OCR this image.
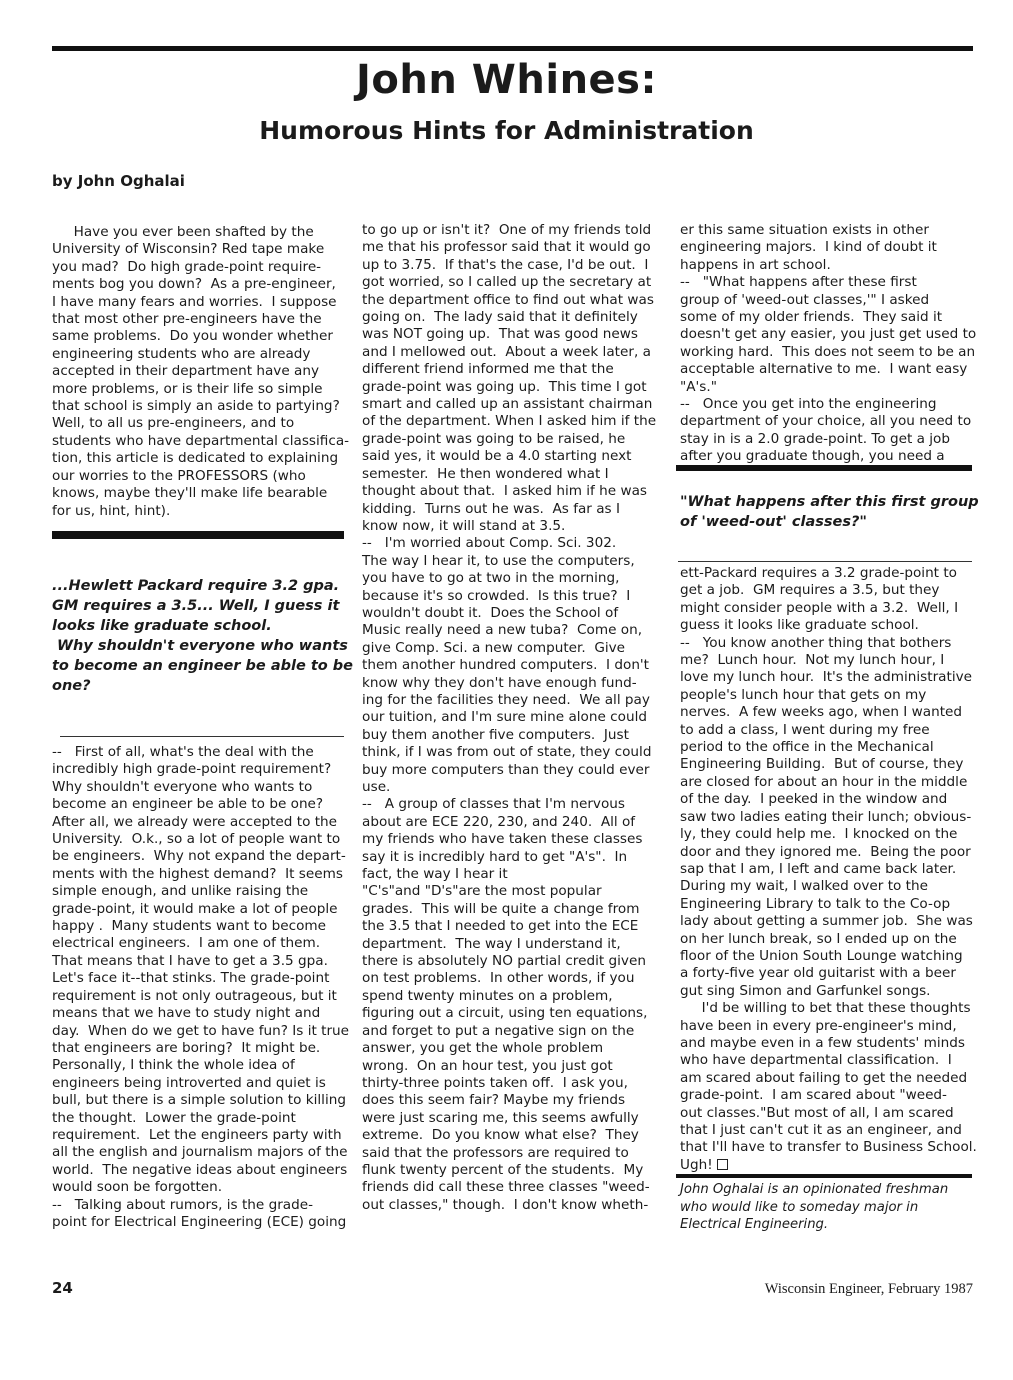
John Whines:
Humorous Hints for Administration
by John Oghalai

Have you ever been shafted by the

University of Wisconsin? Red tape make

you mad?  Do high grade-point require-

ments bog you down?  As a pre-engineer,

I have many fears and worries.  I suppose

that most other pre-engineers have the

same problems.  Do you wonder whether

engineering students who are already

accepted in their department have any

more problems, or is their life so simple

that school is simply an aside to partying?

Well, to all us pre-engineers, and to

students who have departmental classifica-

tion, this article is dedicated to explaining

our worries to the PROFESSORS (who

knows, maybe they'll make life bearable

for us, hint, hint).

...Hewlett Packard require 3.2 gpa.

GM requires a 3.5... Well, I guess it

looks like graduate school.

Why shouldn't everyone who wants

to become an engineer be able to be

one?

--   First of all, what's the deal with the

incredibly high grade-point requirement?

Why shouldn't everyone who wants to

become an engineer be able to be one?

After all, we already were accepted to the

University.  O.k., so a lot of people want to

be engineers.  Why not expand the depart-

ments with the highest demand?  It seems

simple enough, and unlike raising the

grade-point, it would make a lot of people

happy .  Many students want to become

electrical engineers.  I am one of them.

That means that I have to get a 3.5 gpa.

Let's face it--that stinks. The grade-point

requirement is not only outrageous, but it

means that we have to study night and

day.  When do we get to have fun? Is it true

that engineers are boring?  It might be.

Personally, I think the whole idea of

engineers being introverted and quiet is

bull, but there is a simple solution to killing

the thought.  Lower the grade-point

requirement.  Let the engineers party with

all the english and journalism majors of the

world.  The negative ideas about engineers

would soon be forgotten.

--   Talking about rumors, is the grade-

point for Electrical Engineering (ECE) going

to go up or isn't it?  One of my friends told

me that his professor said that it would go

up to 3.75.  If that's the case, I'd be out.  I

got worried, so I called up the secretary at

the department office to find out what was

going on.  The lady said that it definitely

was NOT going up.  That was good news

and I mellowed out.  About a week later, a

different friend informed me that the

grade-point was going up.  This time I got

smart and called up an assistant chairman

of the department. When I asked him if the

grade-point was going to be raised, he

said yes, it would be a 4.0 starting next

semester.  He then wondered what I

thought about that.  I asked him if he was

kidding.  Turns out he was.  As far as I

know now, it will stand at 3.5.

--   I'm worried about Comp. Sci. 302.

The way I hear it, to use the computers,

you have to go at two in the morning,

because it's so crowded.  Is this true?  I

wouldn't doubt it.  Does the School of

Music really need a new tuba?  Come on,

give Comp. Sci. a new computer.  Give

them another hundred computers.  I don't

know why they don't have enough fund-

ing for the facilities they need.  We all pay

our tuition, and I'm sure mine alone could

buy them another five computers.  Just

think, if I was from out of state, they could

buy more computers than they could ever

use.

--   A group of classes that I'm nervous

about are ECE 220, 230, and 240.  All of

my friends who have taken these classes

say it is incredibly hard to get "A's".  In

fact, the way I hear it

"C's"and "D's"are the most popular

grades.  This will be quite a change from

the 3.5 that I needed to get into the ECE

department.  The way I understand it,

there is absolutely NO partial credit given

on test problems.  In other words, if you

spend twenty minutes on a problem,

figuring out a circuit, using ten equations,

and forget to put a negative sign on the

answer, you get the whole problem

wrong.  On an hour test, you just got

thirty-three points taken off.  I ask you,

does this seem fair? Maybe my friends

were just scaring me, this seems awfully

extreme.  Do you know what else?  They

said that the professors are required to

flunk twenty percent of the students.  My

friends did call these three classes "weed-

out classes," though.  I don't know wheth-

er this same situation exists in other

engineering majors.  I kind of doubt it

happens in art school.

--   "What happens after these first

group of 'weed-out classes,'" I asked

some of my older friends.  They said it

doesn't get any easier, you just get used to

working hard.  This does not seem to be an

acceptable alternative to me.  I want easy

"A's."

--   Once you get into the engineering

department of your choice, all you need to

stay in is a 2.0 grade-point. To get a job

after you graduate though, you need a

"What happens after this first group

of 'weed-out' classes?"

ett-Packard requires a 3.2 grade-point to

get a job.  GM requires a 3.5, but they

might consider people with a 3.2.  Well, I

guess it looks like graduate school.

--   You know another thing that bothers

me?  Lunch hour.  Not my lunch hour, I

love my lunch hour.  It's the administrative

people's lunch hour that gets on my

nerves.  A few weeks ago, when I wanted

to add a class, I went during my free

period to the office in the Mechanical

Engineering Building.  But of course, they

are closed for about an hour in the middle

of the day.  I peeked in the window and

saw two ladies eating their lunch; obvious-

ly, they could help me.  I knocked on the

door and they ignored me.  Being the poor

sap that I am, I left and came back later.

During my wait, I walked over to the

Engineering Library to talk to the Co-op

lady about getting a summer job.  She was

on her lunch break, so I ended up on the

floor of the Union South Lounge watching

a forty-five year old guitarist with a beer

gut sing Simon and Garfunkel songs.

I'd be willing to bet that these thoughts

have been in every pre-engineer's mind,

and maybe even in a few students' minds

who have departmental classification.  I

am scared about failing to get the needed

grade-point.  I am scared about "weed-

out classes."But most of all, I am scared

that I just can't cut it as an engineer, and

that I'll have to transfer to Business School.

Ugh!

John Oghalai is an opinionated freshman

who would like to someday major in

Electrical Engineering.

24	Wisconsin Engineer, February 1987
